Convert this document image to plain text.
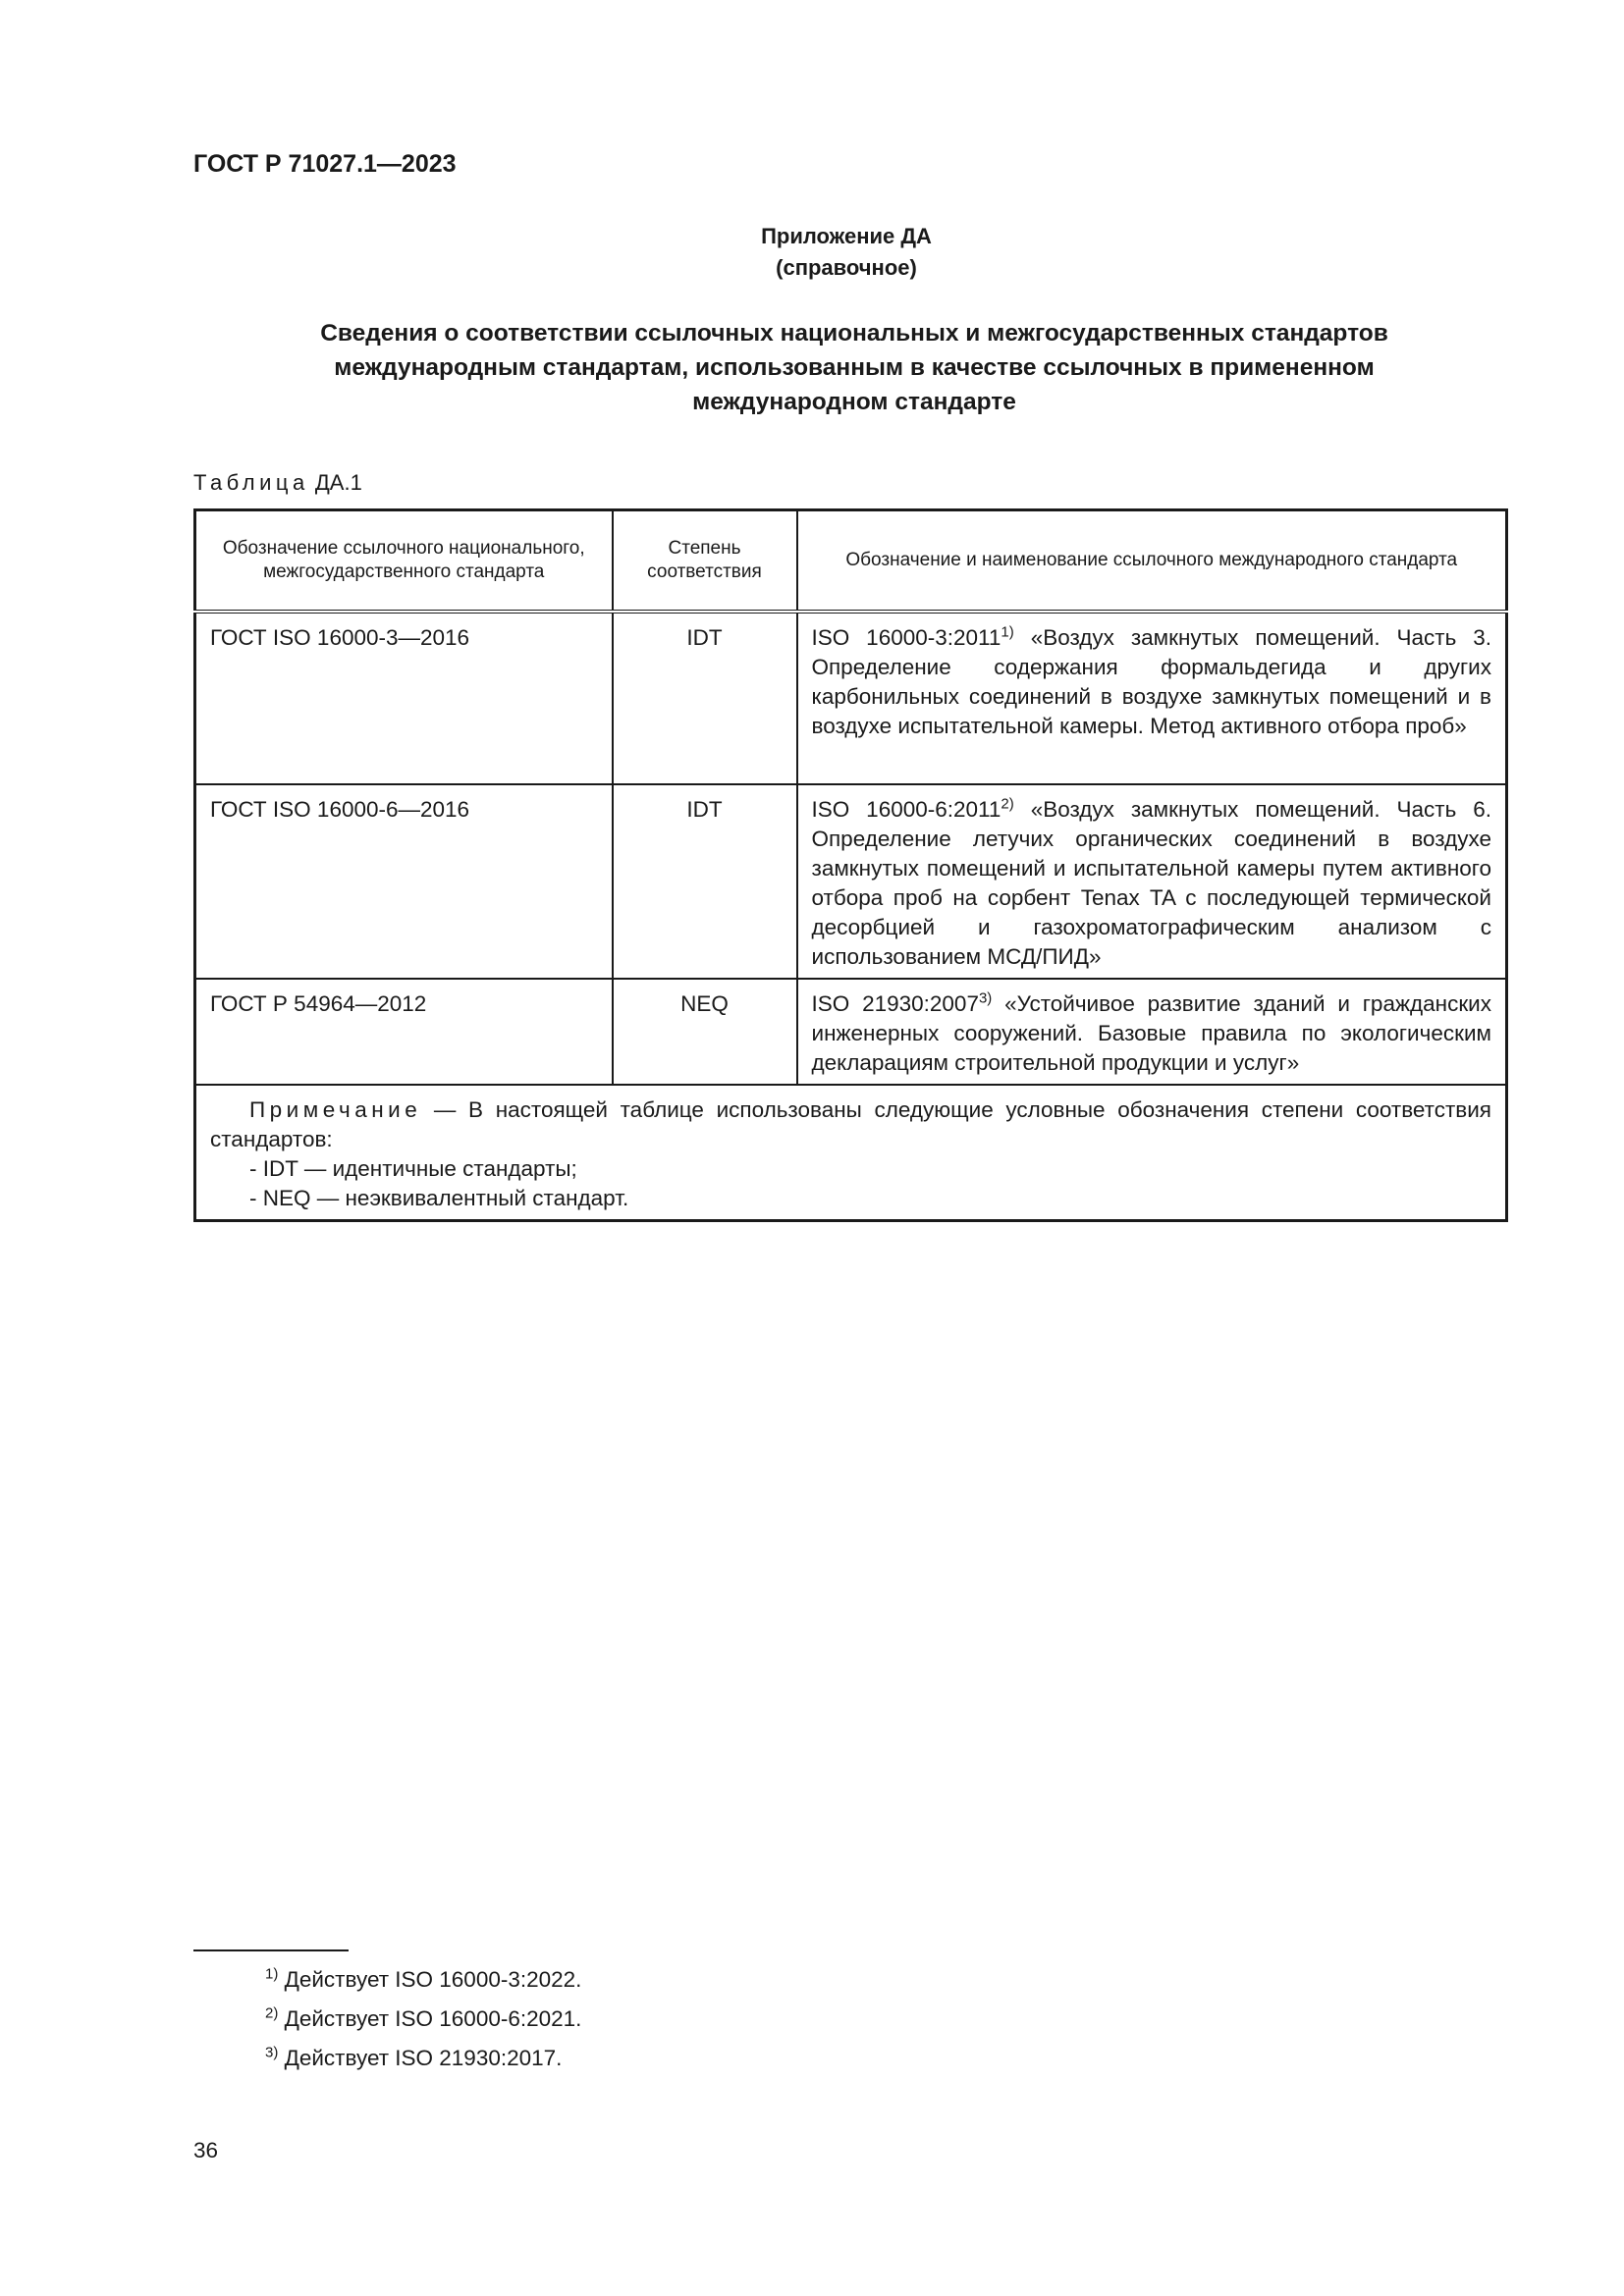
ГОСТ Р 71027.1—2023
Приложение ДА
(справочное)
Сведения о соответствии ссылочных национальных и межгосударственных стандартов
международным стандартам, использованным в качестве ссылочных в примененном
международном стандарте
Таблица ДА.1
Обозначение ссылочного национального, межгосударственного стандарта	Степень соответствия	Обозначение и наименование ссылочного международного стандарта
ГОСТ ISO 16000-3—2016	IDT	ISO 16000-3:2011$^{1)}$ «Воздух замкнутых помещений. Часть 3. Определение содержания формальдегида и других карбонильных соединений в воздухе замкнутых помещений и в воздухе испытательной камеры. Метод активного отбора проб»
ГОСТ ISO 16000-6—2016	IDT	ISO 16000-6:2011$^{2)}$ «Воздух замкнутых помещений. Часть 6. Определение летучих органических соединений в воздухе замкнутых помещений и испытательной камеры путем активного отбора проб на сорбент Tenax TA с последующей термической десорбцией и газохроматографическим анализом с использованием МСД/ПИД»
ГОСТ Р 54964—2012	NEQ	ISO 21930:2007$^{3)}$ «Устойчивое развитие зданий и гражданских инженерных сооружений. Базовые правила по экологическим декларациям строительной продукции и услуг»

Примечание — В настоящей таблице использованы следующие условные обозначения степени соответствия стандартов:
- IDT — идентичные стандарты;
- NEQ — неэквивалентный стандарт.		
$^{1)}$ Действует ISO 16000-3:2022.
$^{2)}$ Действует ISO 16000-6:2021.
$^{3)}$ Действует ISO 21930:2017.
36
